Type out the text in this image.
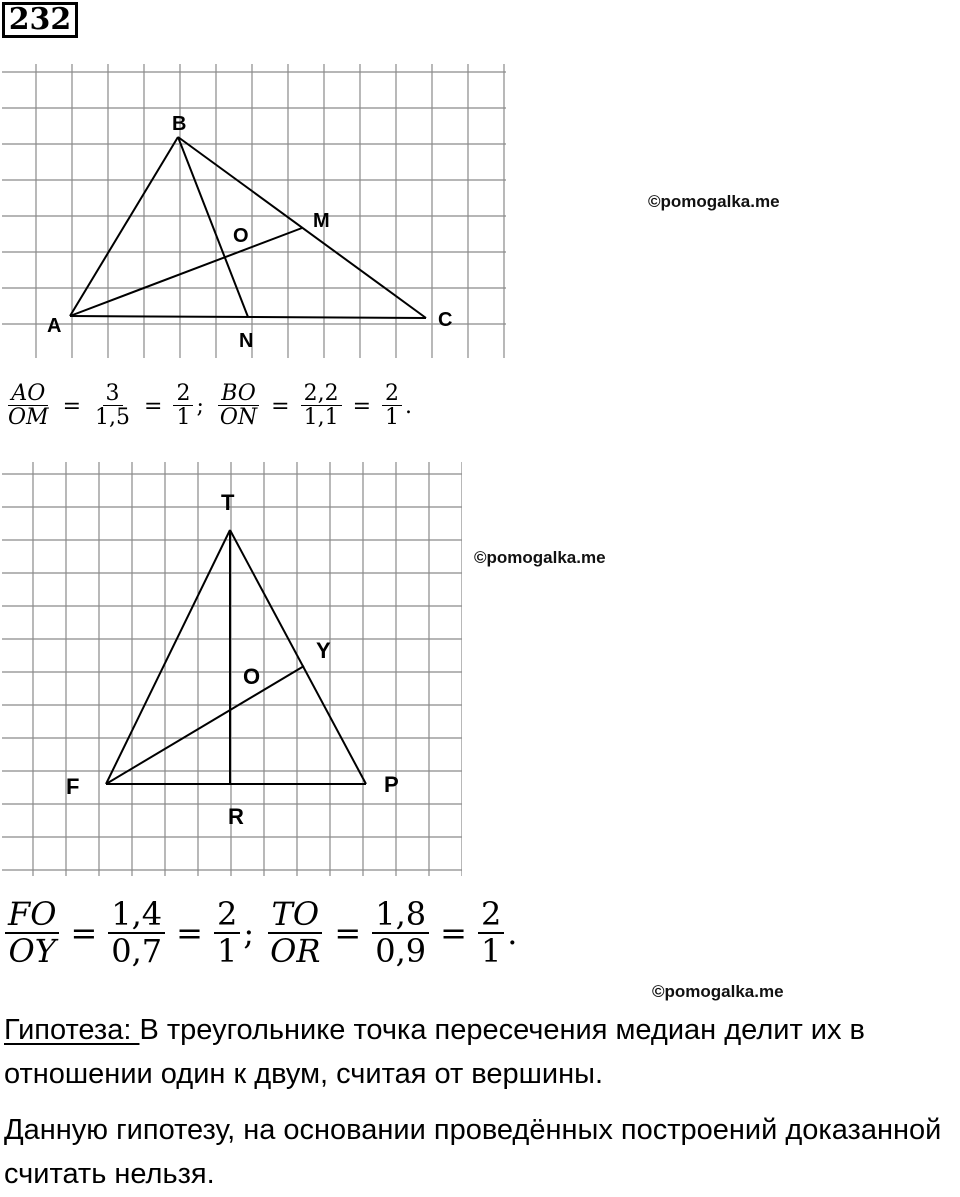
232
B
A	C
M
N
O
©pomogalka.me
$\frac{AO}{OM} = \frac{3}{1,5} = \frac{2}{1}$ ; $\frac{BO}{ON} = \frac{2,2}{1,1} = \frac{2}{1}$ .
T
F	P
R
Y
O
©pomogalka.me
$\frac{FO}{OY} = \frac{1,4}{0,7} = \frac{2}{1}$ ; $\frac{TO}{OR} = \frac{1,8}{0,9} = \frac{2}{1}$ .
©pomogalka.me
Гипотеза: В треугольнике точка пересечения медиан делит их в отношении один к двум, считая от вершины.
Данную гипотезу, на основании проведённых построений доказанной считать нельзя.
